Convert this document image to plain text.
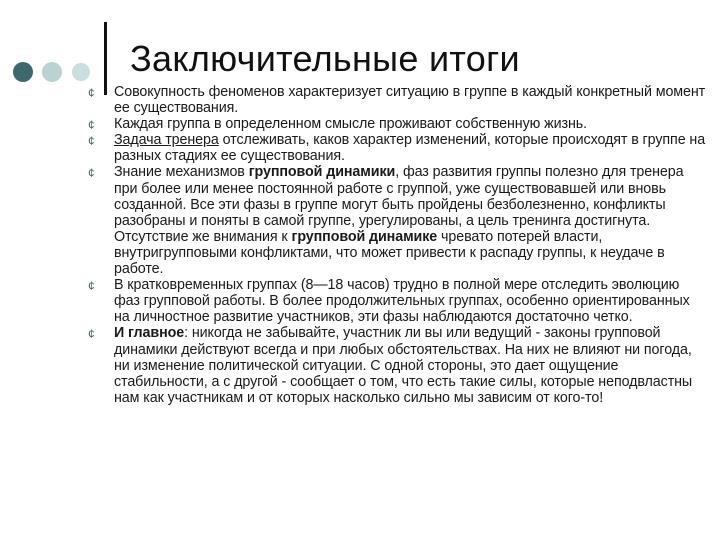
Заключительные итоги
¢ Совокупность феноменов характеризует ситуацию в группе в каждый конкретный момент ее существования.
¢ Каждая группа в определенном смысле проживают собственную жизнь.
¢ Задача тренера отслеживать, каков характер изменений, которые происходят в группе на разных стадиях ее существования.
¢ Знание механизмов групповой динамики, фаз развития группы полезно для тренера при более или менее постоянной работе с группой, уже существовавшей или вновь созданной. Все эти фазы в группе могут быть пройдены безболезненно, конфликты разобраны и поняты в самой группе, урегулированы, а цель тренинга достигнута. Отсутствие же внимания к групповой динамике чревато потерей власти, внутригрупповыми конфликтами, что может привести к распаду группы, к неудаче в работе.
¢ В кратковременных группах (8—18 часов) трудно в полной мере отследить эволюцию фаз групповой работы. В более продолжительных группах, особенно ориентированных на личностное развитие участников, эти фазы наблюдаются достаточно четко.
¢ И главное: никогда не забывайте, участник ли вы или ведущий - законы групповой динамики действуют всегда и при любых обстоятельствах. На них не влияют ни погода, ни изменение политической ситуации. С одной стороны, это дает ощущение стабильности, а с другой - сообщает о том, что есть такие силы, которые неподвластны нам как участникам и от которых насколько сильно мы зависим от кого-то!
